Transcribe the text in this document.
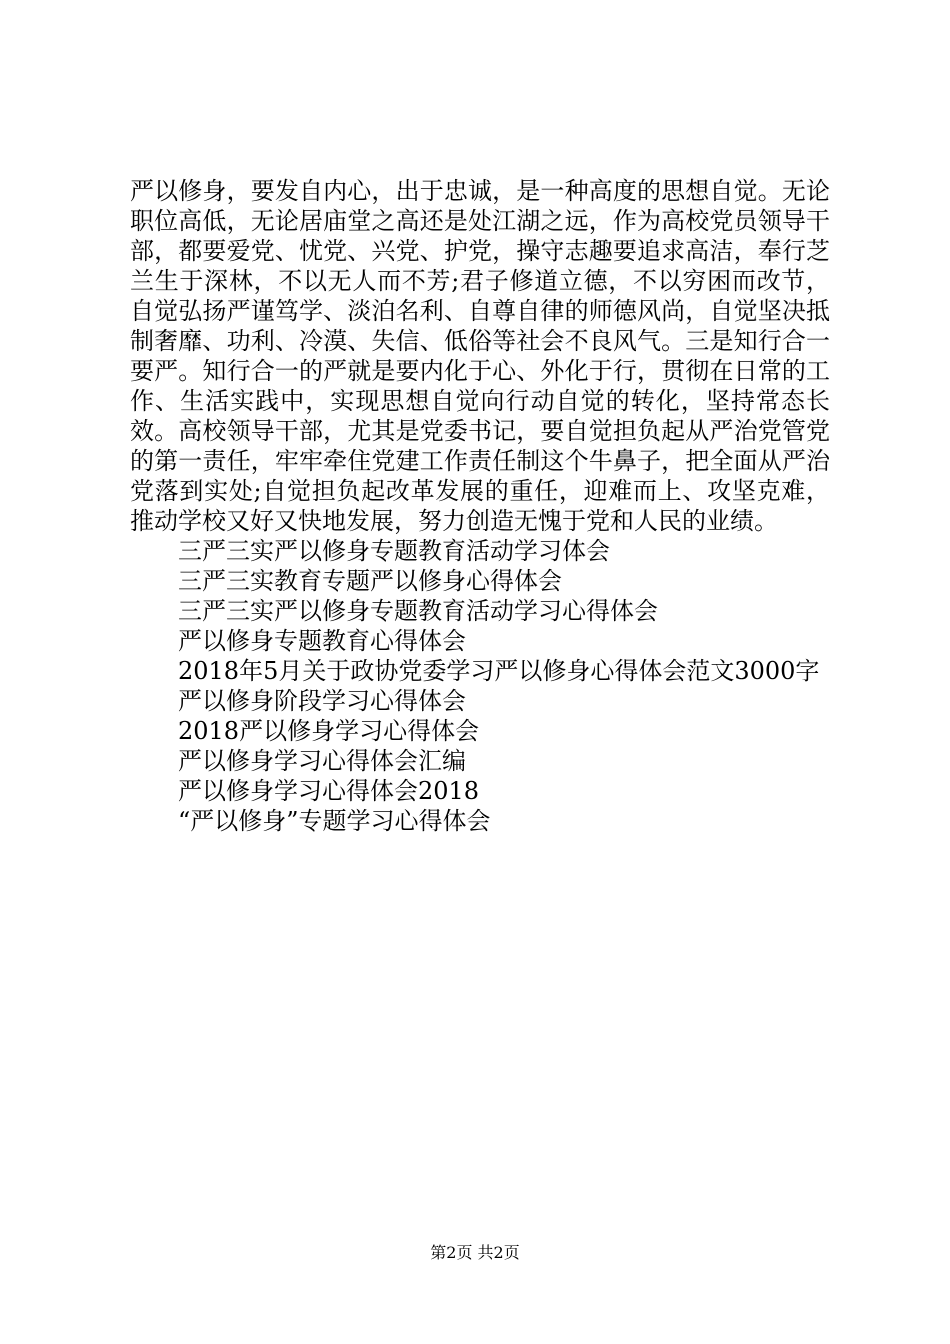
严以修身，要发自内心，出于忠诚，是一种高度的思想自觉。无论职位高低，无论居庙堂之高还是处江湖之远，作为高校党员领导干部，都要爱党、忧党、兴党、护党，操守志趣要追求高洁，奉行芝兰生于深林，不以无人而不芳;君子修道立德，不以穷困而改节，自觉弘扬严谨笃学、淡泊名利、自尊自律的师德风尚，自觉坚决抵制奢靡、功利、冷漠、失信、低俗等社会不良风气。三是知行合一要严。知行合一的严就是要内化于心、外化于行，贯彻在日常的工作、生活实践中，实现思想自觉向行动自觉的转化，坚持常态长效。高校领导干部，尤其是党委书记，要自觉担负起从严治党管党的第一责任，牢牢牵住党建工作责任制这个牛鼻子，把全面从严治党落到实处;自觉担负起改革发展的重任，迎难而上、攻坚克难，推动学校又好又快地发展，努力创造无愧于党和人民的业绩。

三严三实严以修身专题教育活动学习体会
三严三实教育专题严以修身心得体会
三严三实严以修身专题教育活动学习心得体会
严以修身专题教育心得体会
2018年5月关于政协党委学习严以修身心得体会范文3000字
严以修身阶段学习心得体会
2018严以修身学习心得体会
严以修身学习心得体会汇编
严以修身学习心得体会2018
“严以修身”专题学习心得体会
第2页 共2页
